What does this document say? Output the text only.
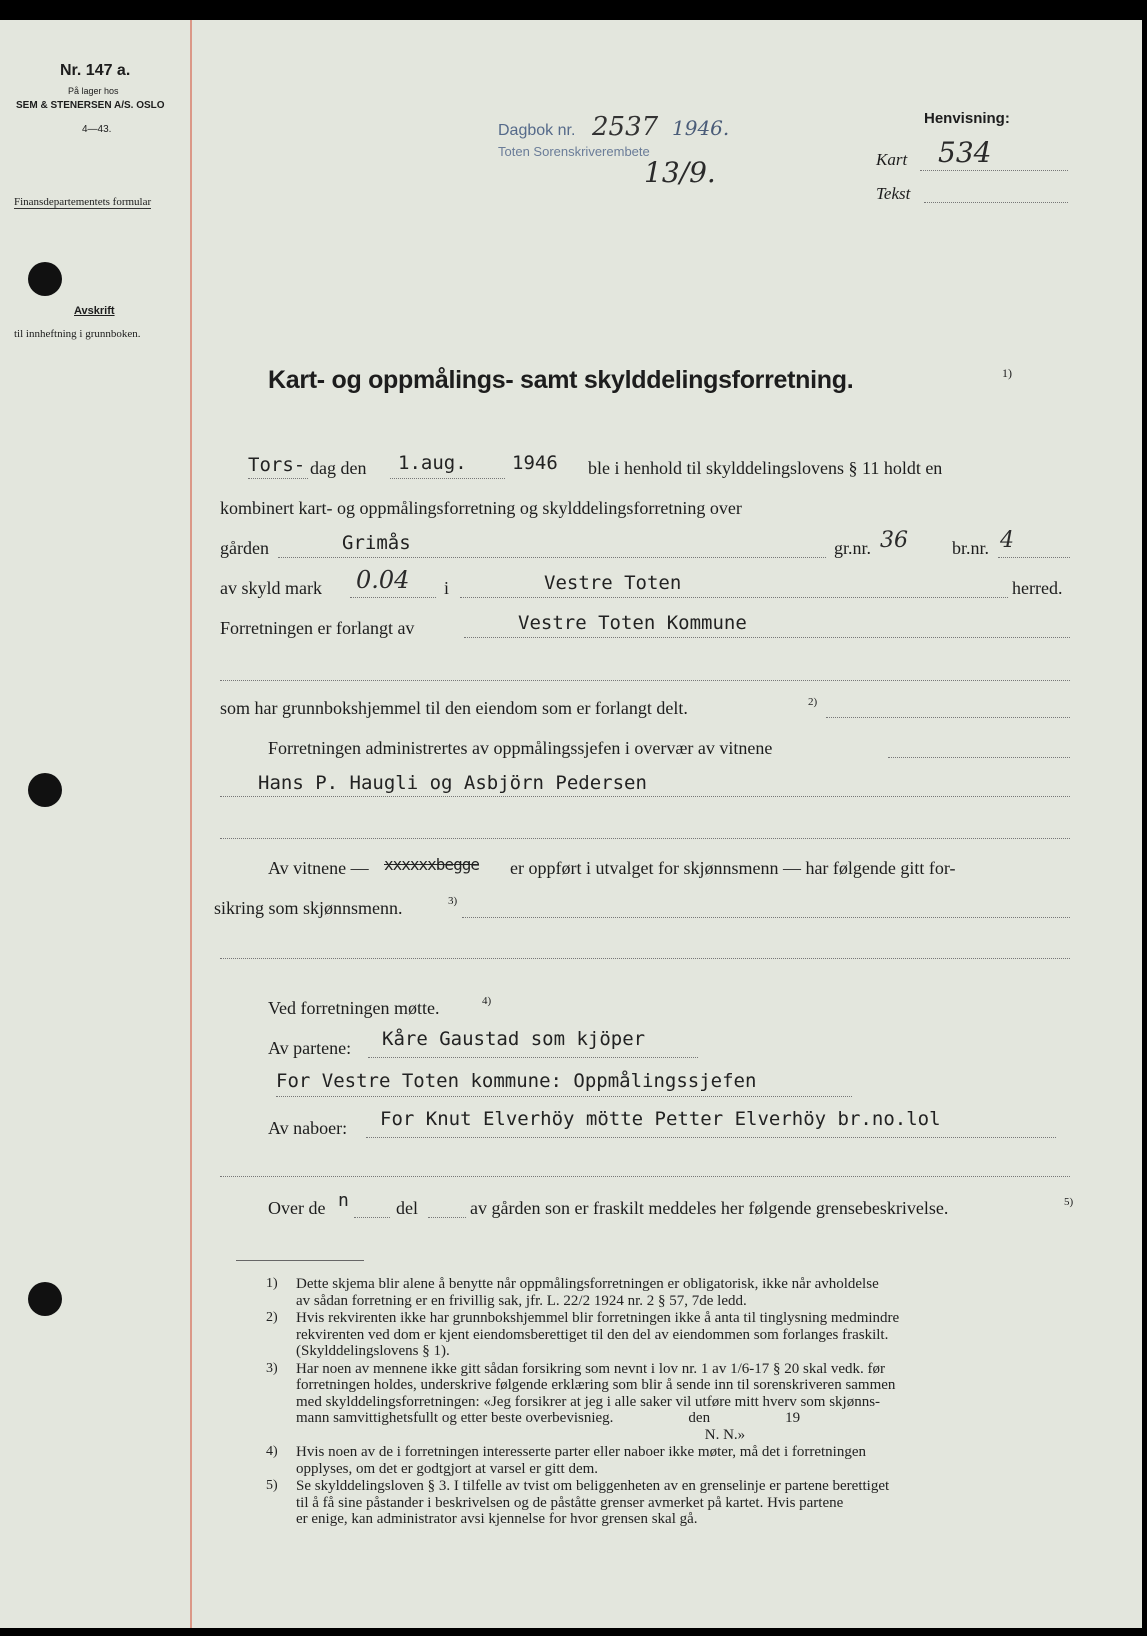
Nr. 147 a.
På lager hos
SEM & STENERSEN A/S. OSLO
4—43.
Finansdepartementets formular
Avskrift
til innheftning i grunnboken.
Dagbok nr. 2537 1946.
Toten Sorenskriverembete
13/9.
Henvisning:
Kart 534
Tekst
Kart- og oppmålings- samt skylddelingsforretning.	1)
Tors- dag den 1.aug. 1946 ble i henhold til skylddelingslovens § 11 holdt en
kombinert kart- og oppmålingsforretning og skylddelingsforretning over
gården	Grimås	gr.nr. 36 br.nr. 4
av skyld mark 0.04 i	Vestre Toten	herred.
Forretningen er forlangt av	Vestre Toten Kommune
som har grunnbokshjemmel til den eiendom som er forlangt delt.	2)
Forretningen administrertes av oppmålingssjefen i overvær av vitnene
Hans P. Haugli og Asbjörn Pedersen
Av vitnene — xxxxxxbegge er oppført i utvalget for skjønnsmenn — har følgende gitt for-
sikring som skjønnsmenn.	3)
Ved forretningen møtte.	4)
Av partene: Kåre Gaustad som kjöper
For Vestre Toten kommune: Oppmålingssjefen
Av naboer: For Knut Elverhöy mötte Petter Elverhöy br.no.lol
Over de n	del	av gården son er fraskilt meddeles her følgende grensebeskrivelse.	5)
1) Dette skjema blir alene å benytte når oppmålingsforretningen er obligatorisk, ikke når avholdelse
av sådan forretning er en frivillig sak, jfr. L. 22/2 1924 nr. 2 § 57, 7de ledd.
2) Hvis rekvirenten ikke har grunnbokshjemmel blir forretningen ikke å anta til tinglysning medmindre
rekvirenten ved dom er kjent eiendomsberettiget til den del av eiendommen som forlanges fraskilt.
(Skylddelingslovens § 1).
3) Har noen av mennene ikke gitt sådan forsikring som nevnt i lov nr. 1 av 1/6-17 § 20 skal vedk. før
forretningen holdes, underskrive følgende erklæring som blir å sende inn til sorenskriveren sammen
med skylddelingsforretningen: «Jeg forsikrer at jeg i alle saker vil utføre mitt hverv som skjønns-
mann samvittighetsfullt og etter beste overbevisnieg.                    den                    19
N. N.»
4) Hvis noen av de i forretningen interesserte parter eller naboer ikke møter, må det i forretningen
opplyses, om det er godtgjort at varsel er gitt dem.
5) Se skylddelingsloven § 3. I tilfelle av tvist om beliggenheten av en grenselinje er partene berettiget
til å få sine påstander i beskrivelsen og de påståtte grenser avmerket på kartet. Hvis partene
er enige, kan administrator avsi kjennelse for hvor grensen skal gå.
